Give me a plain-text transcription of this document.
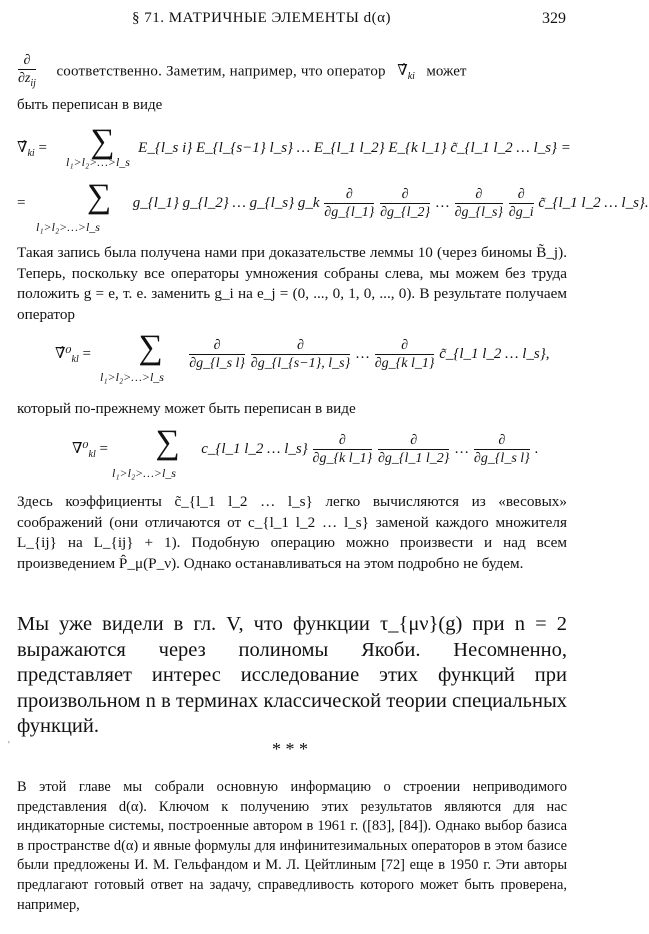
§ 71. МАТРИЧНЫЕ ЭЛЕМЕНТЫ d(α)	329
$\frac{\partial}{\partial z_{ij}}$ соответственно. Заметим, например, что оператор $\nablâ_{ki}$ может
быть переписан в виде
$\nablâ_{ki}$ = ∑ E_{l_s i} E_{l_{s−1} l_s} … E_{l_1 l_2} E_{k l_1} c̃_{l_1 l_2 … l_s} =
l₁>l₂>…>l_s
= ∑ g_{l_1} g_{l_2} … g_{l_s} g_k $\frac{\partial}{\partial g\_\{l\_1\}}$
$\frac{\partial}{\partial g\_\{l\_2\}}$ … $\frac{\partial}{\partial g\_\{l\_s\}}$
$\frac{\partial}{\partial g\_i}$ c̃_{l_1 l_2 … l_s}.
l₁>l₂>…>l_s
Такая запись была получена нами при доказательстве леммы 10 (через биномы B̃_j). Теперь, поскольку все операторы умножения собраны слева, мы можем без труда положить g = e, т. е. заменить g_i на e_j = (0, ..., 0, 1, 0, ..., 0). В результате получаем оператор
$\nablâ^0_{kl}$ = ∑ $\frac{\partial}{\text{∂g\_\{l\_s l\}}}$
$\frac{\partial}{\partial g\_\{l\_\{s-1\}, l\_s\}}$ … $\frac{\partial}{\text{∂g\_\{k l\_1\}}}$ c̃_{l_1 l_2 … l_s},
l₁>l₂>…>l_s
который по-прежнему может быть переписан в виде
$\nabla^0_{kl}$ = ∑ c_{l_1 l_2 … l_s} $\frac{\partial}{\text{∂g\_\{k l\_1\}}}$
$\frac{\partial}{\partial g\_\{l\_1 l\_2\}}$ … $\frac{\partial}{\text{∂g\_\{l\_s l\}}}$ .
l₁>l₂>…>l_s
Здесь коэффициенты c̃_{l_1 l_2 … l_s} легко вычисляются из «весовых» соображений (они отличаются от c_{l_1 l_2 … l_s} заменой каждого множителя L_{ij} на L_{ij} + 1). Подобную операцию можно произвести и над всем произведением P̂_μ(P_ν). Однако останавливаться на этом подробно не будем.
Мы уже видели в гл. V, что функции τ_{μν}(g) при n = 2 выражаются через полиномы Якоби. Несомненно, представляет интерес исследование этих функций при произвольном n в терминах классической теории специальных функций.
'	* * *
В этой главе мы собрали основную информацию о строении неприводимого представления d(α). Ключом к получению этих результатов являются для нас индикаторные системы, построенные автором в 1961 г. ([83], [84]). Однако выбор базиса в пространстве d(α) и явные формулы для инфинитезимальных операторов в этом базисе были предложены И. М. Гельфандом и М. Л. Цейтлиным [72] еще в 1950 г. Эти авторы предлагают готовый ответ на задачу, справедливость которого может быть проверена, например,
